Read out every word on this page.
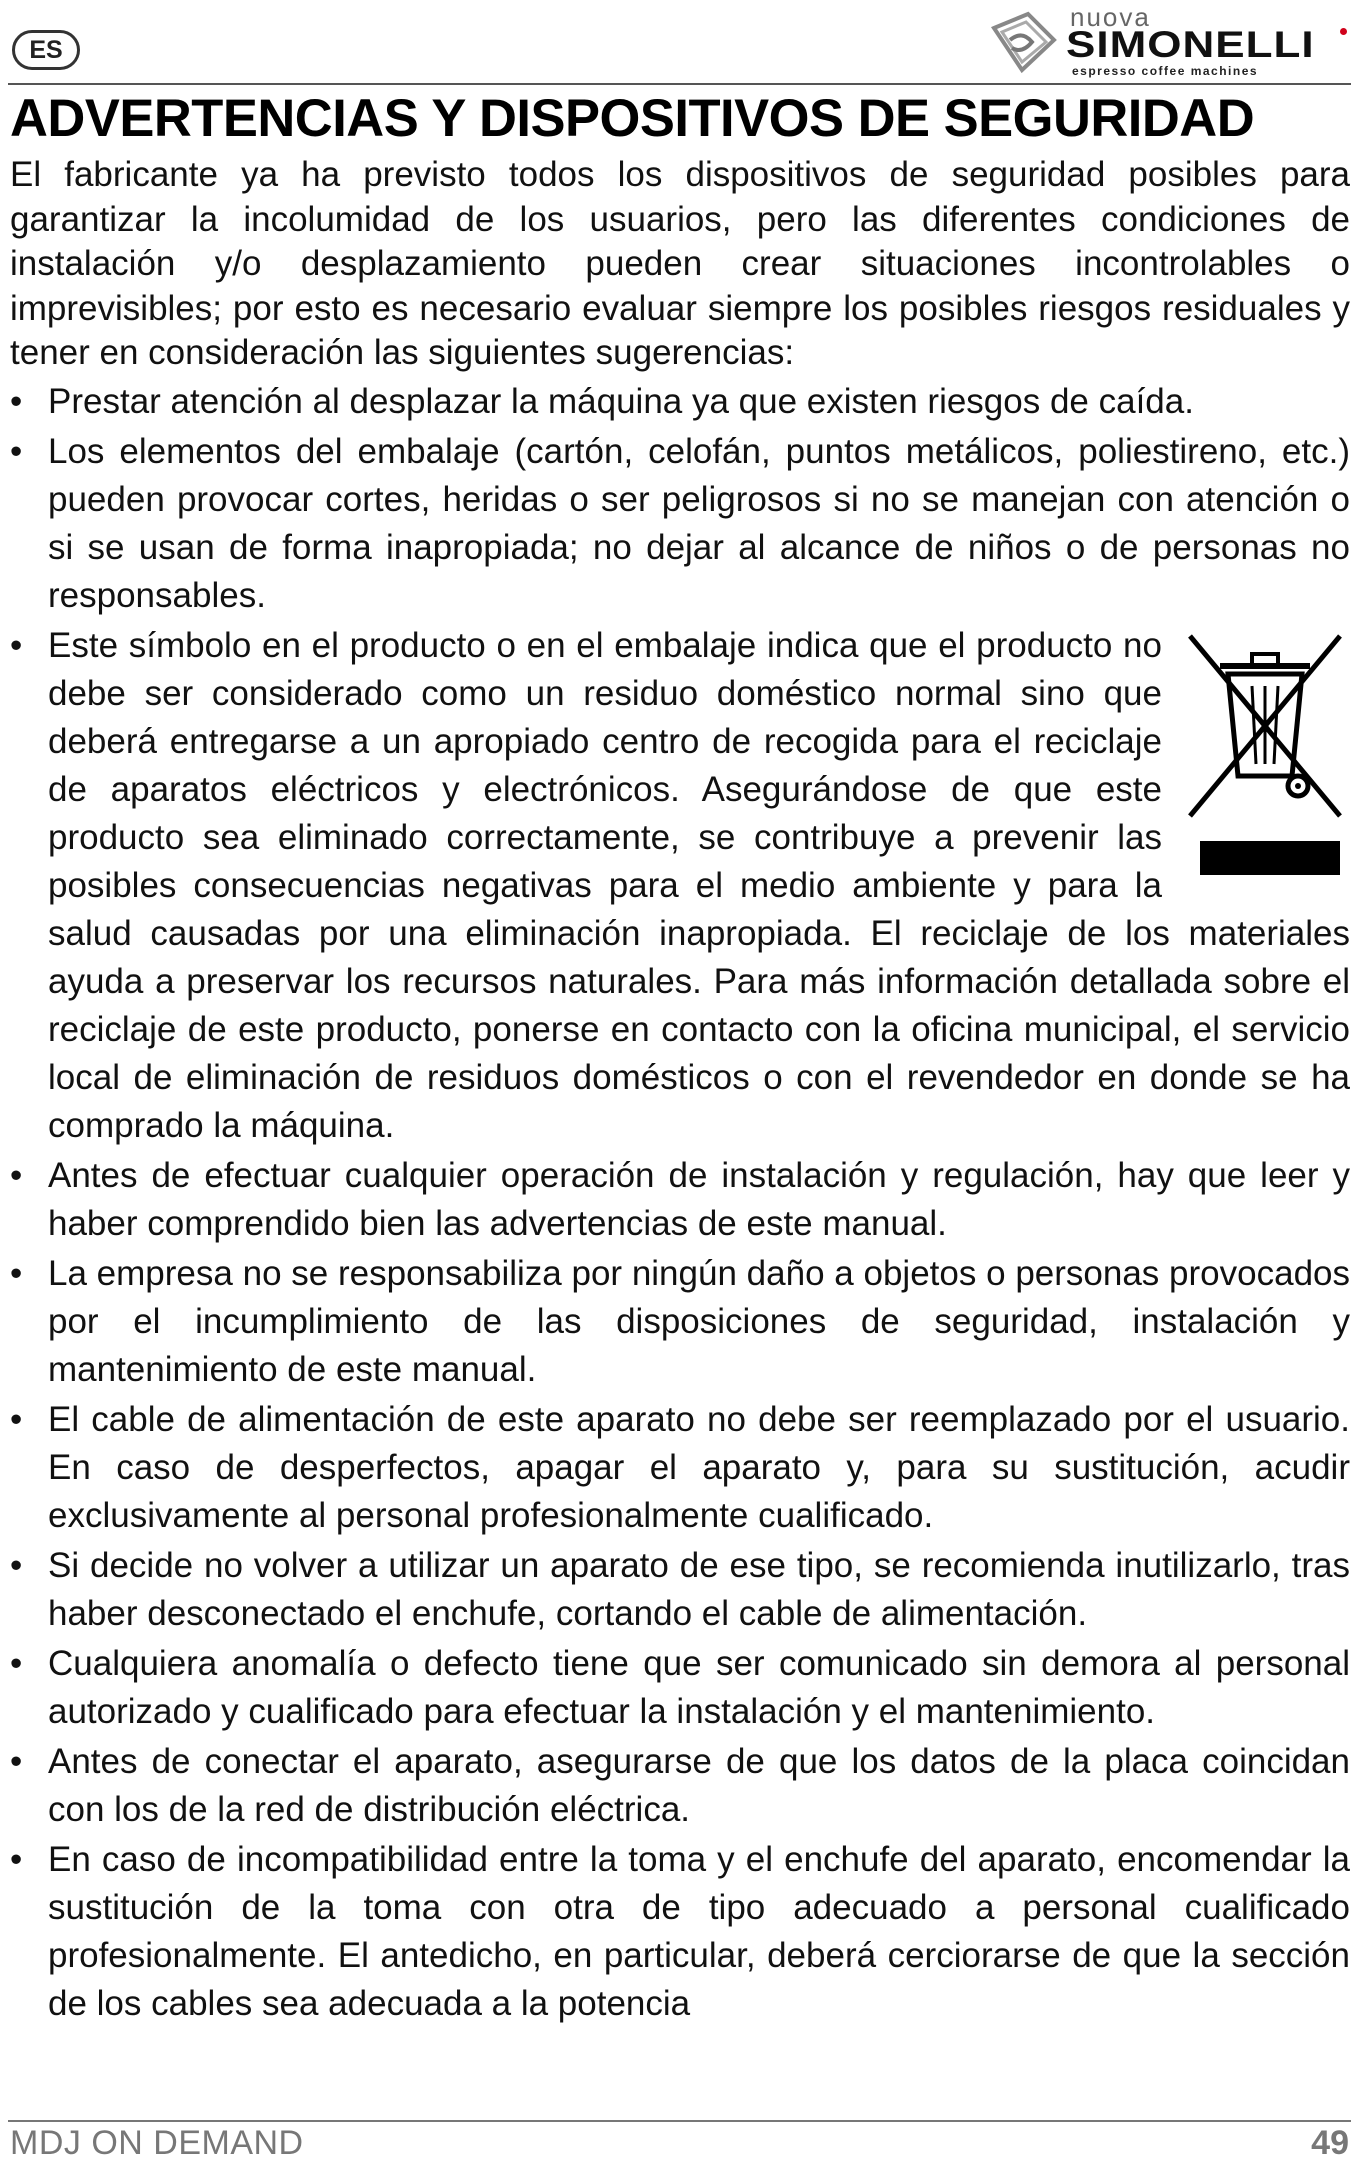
ES
nuova
SIMONELLI
espresso coffee machines
ADVERTENCIAS Y DISPOSITIVOS DE SEGURIDAD

El fabricante ya ha previsto todos los dispositivos de seguridad posibles para garantizar la incolumidad de los usuarios, pero las diferentes condiciones de instalación y/o desplazamiento pueden crear situaciones incontrolables o imprevisibles; por esto es necesario evaluar siempre los posibles riesgos residuales y tener en consideración las siguientes sugerencias:

• Prestar atención al desplazar la máquina ya que existen riesgos de caída.
• Los elementos del embalaje (cartón, celofán, puntos metálicos, poliestireno, etc.) pueden provocar cortes, heridas o ser peligrosos si no se manejan con atención o si se usan de forma inapropiada; no dejar al alcance de niños o de personas no responsables.
• Este símbolo en el producto o en el embalaje indica que el producto no debe ser considerado como un residuo doméstico normal sino que deberá entregarse a un apropiado centro de recogida para el reciclaje de aparatos eléctricos y electrónicos. Asegurándose de que este producto sea eliminado correctamente, se contribuye a prevenir las posibles consecuencias negativas para el medio ambiente y para la salud causadas por una eliminación inapropiada. El reciclaje de los materiales ayuda a preservar los recursos naturales. Para más información detallada sobre el reciclaje de este producto, ponerse en contacto con la oficina municipal, el servicio local de eliminación de residuos domésticos o con el revendedor en donde se ha comprado la máquina.
• Antes de efectuar cualquier operación de instalación y regulación, hay que leer y haber comprendido bien las advertencias de este manual.
• La empresa no se responsabiliza por ningún daño a objetos o personas provocados por el incumplimiento de las disposiciones de seguridad, instalación y mantenimiento de este manual.
• El cable de alimentación de este aparato no debe ser reemplazado por el usuario. En caso de desperfectos, apagar el aparato y, para su sustitución, acudir exclusivamente al personal profesionalmente cualificado.
• Si decide no volver a utilizar un aparato de ese tipo, se recomienda inutilizarlo, tras haber desconectado el enchufe, cortando el cable de alimentación.
• Cualquiera anomalía o defecto tiene que ser comunicado sin demora al personal autorizado y cualificado para efectuar la instalación y el mantenimiento.
• Antes de conectar el aparato, asegurarse de que los datos de la placa coincidan con los de la red de distribución eléctrica.
• En caso de incompatibilidad entre la toma y el enchufe del aparato, encomendar la sustitución de la toma con otra de tipo adecuado a personal cualificado profesionalmente. El antedicho, en particular, deberá cerciorarse de que la sección de los cables sea adecuada a la potencia
MDJ ON DEMAND	49
